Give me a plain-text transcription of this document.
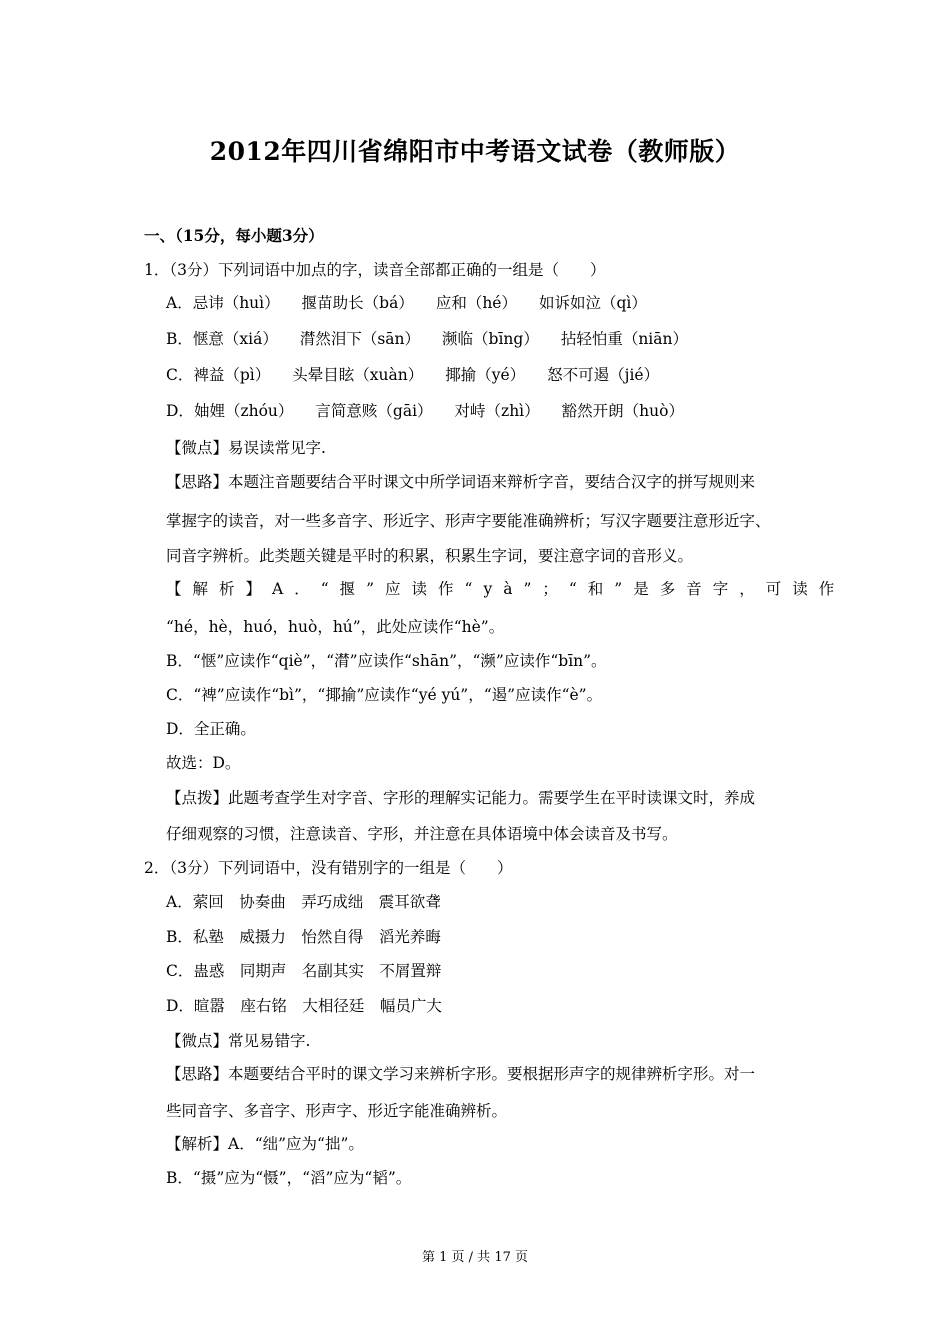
2012年四川省绵阳市中考语文试卷（教师版）
一、（15分，每小题3分）
1．（3分）下列词语中加点的字，读音全部都正确的一组是（　　）
A．忌讳（huì） 揠苗助长（bá） 应和（hé） 如诉如泣（qì）
B．惬意（xiá） 潸然泪下（sān） 濒临（bīng） 拈轻怕重（niān）
C．裨益（pì） 头晕目眩（xuàn） 揶揄（yé） 怒不可遏（jié）
D．妯娌（zhóu） 言简意赅（gāi） 对峙（zhì） 豁然开朗（huò）
【微点】易误读常见字.
【思路】本题注音题要结合平时课文中所学词语来辩析字音，要结合汉字的拼写规则来
掌握字的读音，对一些多音字、形近字、形声字要能准确辨析；写汉字题要注意形近字、
同音字辨析。此类题关键是平时的积累，积累生字词，要注意字词的音形义。
【解析】A．“揠”应读作“yà”；“和”是多音字，可读作
“hé，hè，huó，huò，hú”，此处应读作“hè”。
B．“惬”应读作“qiè”，“潸”应读作“shān”，“濒”应读作“bīn”。
C．“裨”应读作“bì”，“揶揄”应读作“yé yú”，“遏”应读作“è”。
D．全正确。
故选：D。
【点拨】此题考查学生对字音、字形的理解实记能力。需要学生在平时读课文时，养成
仔细观察的习惯，注意读音、字形，并注意在具体语境中体会读音及书写。
2．（3分）下列词语中，没有错别字的一组是（　　）
A．萦回　协奏曲　弄巧成绌　震耳欲聋
B．私塾　威摄力　怡然自得　滔光养晦
C．蛊惑　同期声　名副其实　不屑置辩
D．暄嚣　座右铭　大相径廷　幅员广大
【微点】常见易错字.
【思路】本题要结合平时的课文学习来辨析字形。要根据形声字的规律辨析字形。对一
些同音字、多音字、形声字、形近字能准确辨析。
【解析】A．“绌”应为“拙”。
B．“摄”应为“慑”，“滔”应为“韬”。
第 1 页 / 共 17 页
